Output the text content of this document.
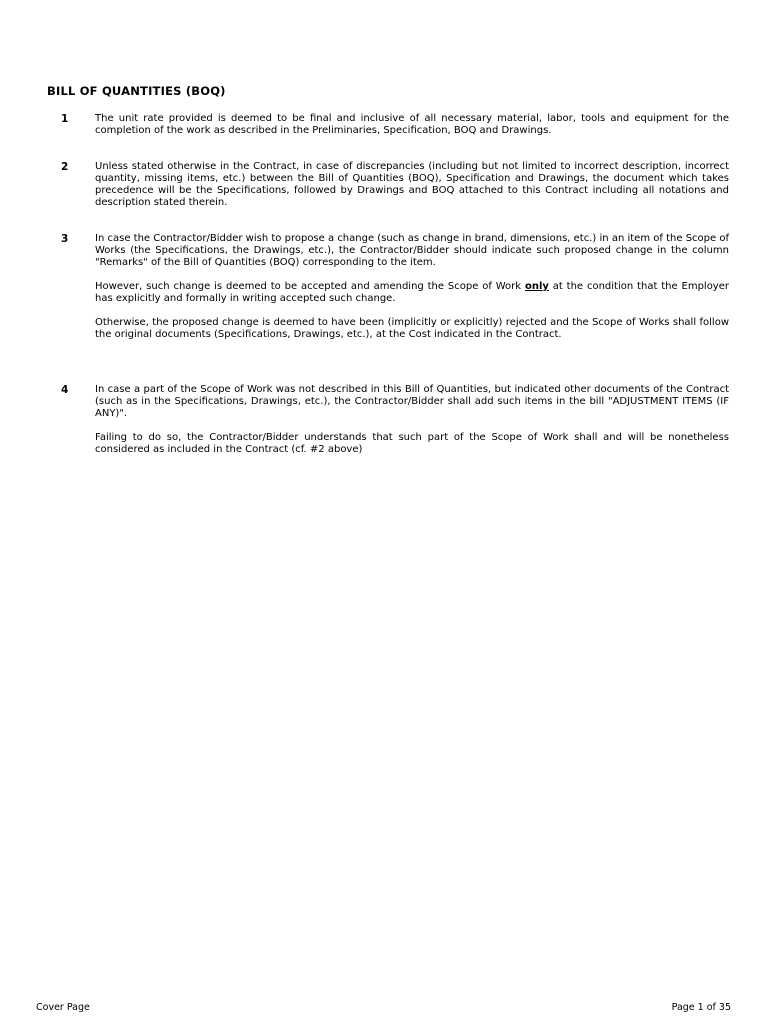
BILL OF QUANTITIES (BOQ)
1	The unit rate provided is deemed to be final and inclusive of all necessary material, labor, tools and equipment for the completion of the work as described in the Preliminaries, Specification, BOQ and Drawings.

2	Unless stated otherwise in the Contract, in case of discrepancies (including but not limited to incorrect description, incorrect quantity, missing items, etc.) between the Bill of Quantities (BOQ), Specification and Drawings, the document which takes precedence will be the Specifications, followed by Drawings and BOQ attached to this Contract including all notations and description stated therein.

3	In case the Contractor/Bidder wish to propose a change (such as change in brand, dimensions, etc.) in an item of the Scope of Works (the Specifications, the Drawings, etc.), the Contractor/Bidder should indicate such proposed change in the column "Remarks" of the Bill of Quantities (BOQ) corresponding to the item.

However, such change is deemed to be accepted and amending the Scope of Work only at the condition that the Employer has explicitly and formally in writing accepted such change.

Otherwise, the proposed change is deemed to have been (implicitly or explicitly) rejected and the Scope of Works shall follow the original documents (Specifications, Drawings, etc.), at the Cost indicated in the Contract.

4	In case a part of the Scope of Work was not described in this Bill of Quantities, but indicated other documents of the Contract (such as in the Specifications, Drawings, etc.), the Contractor/Bidder shall add such items in the bill "ADJUSTMENT ITEMS (IF ANY)".

Failing to do so, the Contractor/Bidder understands that such part of the Scope of Work shall and will be nonetheless considered as included in the Contract (cf. #2 above)

Cover Page	Page 1 of 35
